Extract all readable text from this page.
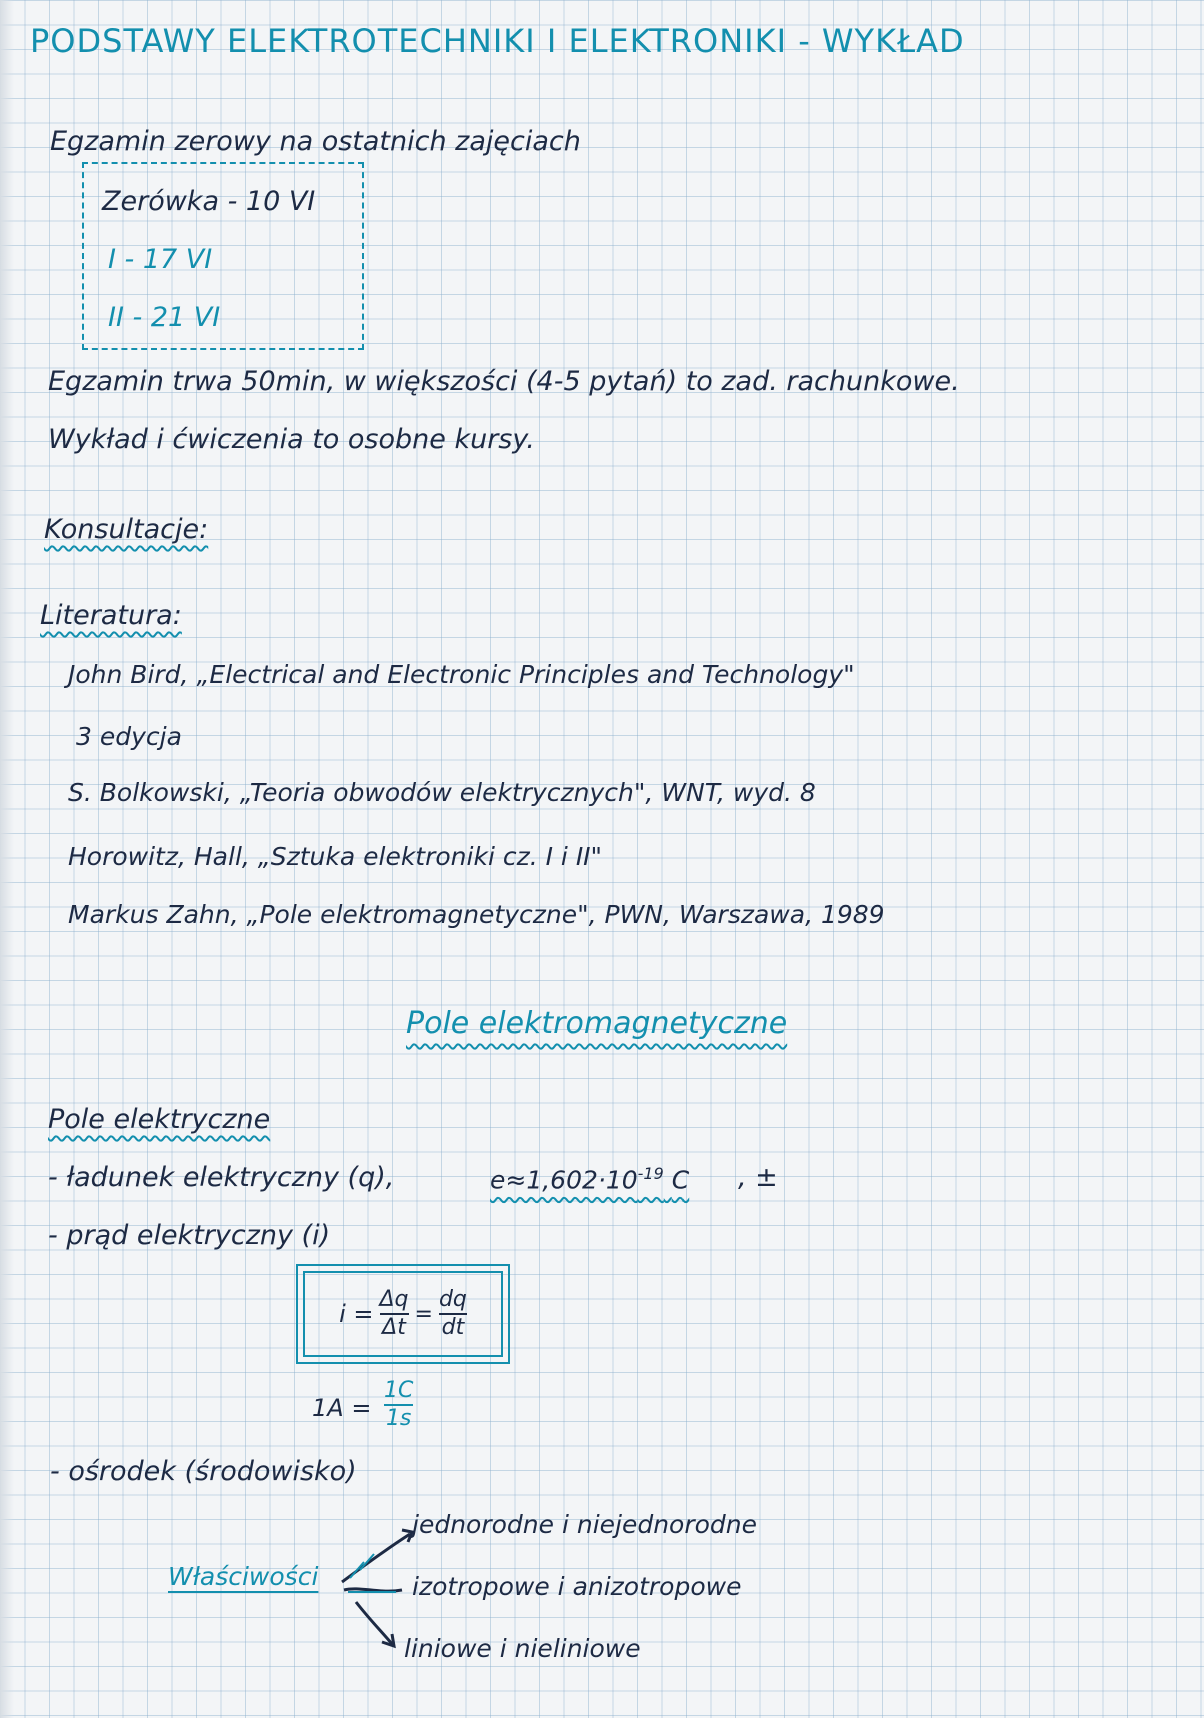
PODSTAWY ELEKTROTECHNIKI I ELEKTRONIKI - WYKŁAD
Egzamin zerowy na ostatnich zajęciach
Zerówka - 10 VI
I - 17 VI
II - 21 VI
Egzamin trwa 50min, w większości (4-5 pytań) to zad. rachunkowe.
Wykład i ćwiczenia to osobne kursy.
Konsultacje:
Literatura:
John Bird, „Electrical and Electronic Principles and Technology"
3 edycja
S. Bolkowski, „Teoria obwodów elektrycznych", WNT, wyd. 8
Horowitz, Hall, „Sztuka elektroniki cz. I i II"
Markus Zahn, „Pole elektromagnetyczne", PWN, Warszawa, 1989
Pole elektromagnetyczne
Pole elektryczne
- ładunek elektryczny (q),	$e\approx 1,602\cdot 10^{-19}$ C , ±
- prąd elektryczny (i)
$i = \frac{\Delta q}{\Delta t} = \frac{dq}{dt}$
$1A = \frac{1C}{1s}$
- ośrodek (środowisko)
Właściwości
jednorodne i niejednorodne
izotropowe i anizotropowe
liniowe i nieliniowe
